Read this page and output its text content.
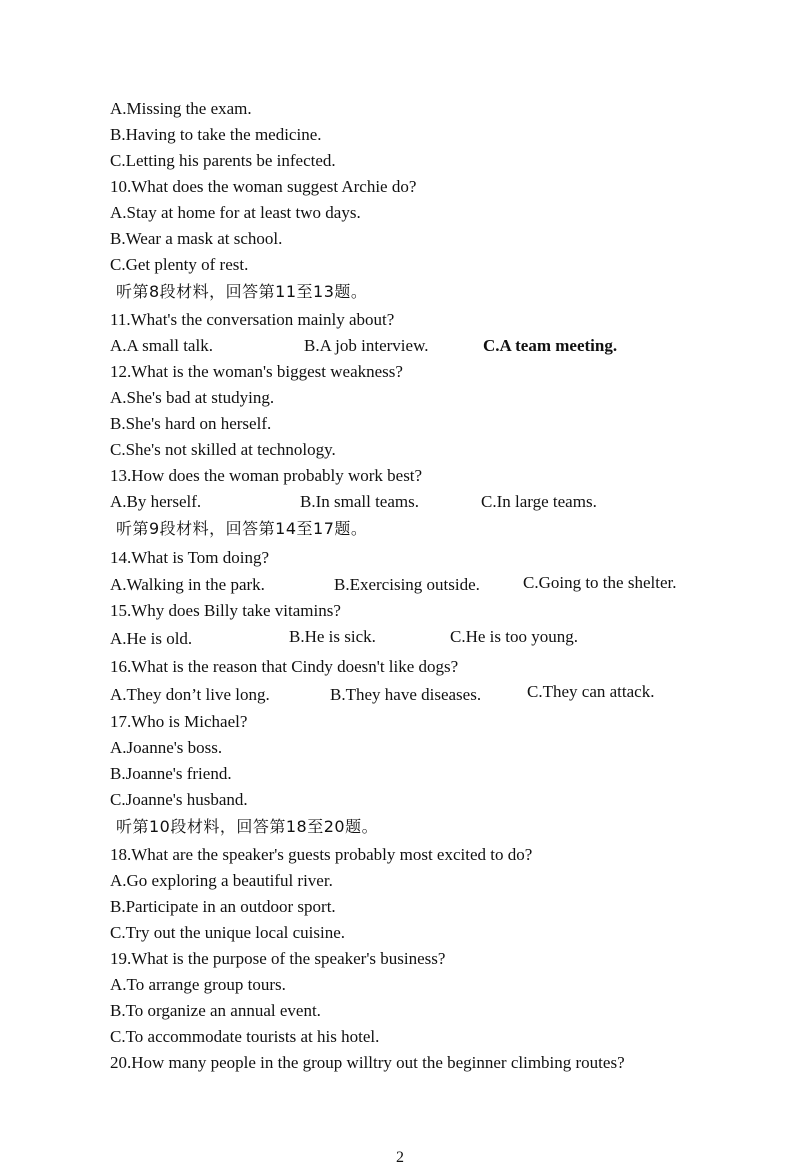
A.Missing the exam.
B.Having to take the medicine.
C.Letting his parents be infected.
10.What does the woman suggest Archie do?
A.Stay at home for at least two days.
B.Wear a mask at school.
C.Get plenty of rest.
听第8段材料，回答第11至13题。
11.What's the conversation mainly about?
A.A small talk.	B.A job interview.	C.A team meeting.
12.What is the woman's biggest weakness?
A.She's bad at studying.
B.She's hard on herself.
C.She's not skilled at technology.
13.How does the woman probably work best?
A.By herself.	B.In small teams.	C.In large teams.
听第9段材料，回答第14至17题。
14.What is Tom doing?
A.Walking in the park.	B.Exercising outside.	C.Going to the shelter.
15.Why does Billy take vitamins?
A.He is old.	B.He is sick.	C.He is too young.
16.What is the reason that Cindy doesn't like dogs?
A.They don’t live long.	B.They have diseases.	C.They can attack.
17.Who is Michael?
A.Joanne's boss.
B.Joanne's friend.
C.Joanne's husband.
听第10段材料，回答第18至20题。
18.What are the speaker's guests probably most excited to do?
A.Go exploring a beautiful river.
B.Participate in an outdoor sport.
C.Try out the unique local cuisine.
19.What is the purpose of the speaker's business?
A.To arrange group tours.
B.To organize an annual event.
C.To accommodate tourists at his hotel.
20.How many people in the group willtry out the beginner climbing routes?
2
